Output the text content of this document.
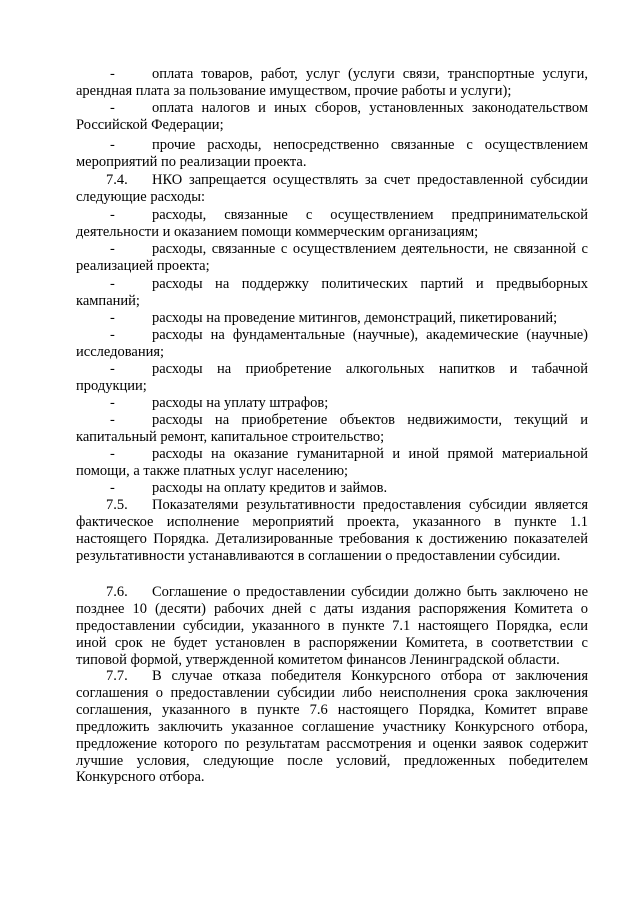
-	оплата товаров, работ, услуг (услуги связи, транспортные услуги, арендная плата за пользование имуществом, прочие работы и услуги);

-	оплата налогов и иных сборов, установленных законодательством Российской Федерации;

-	прочие расходы, непосредственно связанные с осуществлением мероприятий по реализации проекта.

7.4. НКО запрещается осуществлять за счет предоставленной субсидии следующие расходы:

-	расходы, связанные с осуществлением предпринимательской деятельности и оказанием помощи коммерческим организациям;

-	расходы, связанные с осуществлением деятельности, не связанной с реализацией проекта;

-	расходы на поддержку политических партий и предвыборных кампаний;

-	расходы на проведение митингов, демонстраций, пикетирований;

-	расходы на фундаментальные (научные), академические (научные) исследования;

-	расходы на приобретение алкогольных напитков и табачной продукции;

-	расходы на уплату штрафов;

-	расходы на приобретение объектов недвижимости, текущий и капитальный ремонт, капитальное строительство;

-	расходы на оказание гуманитарной и иной прямой материальной помощи, а также платных услуг населению;

-	расходы на оплату кредитов и займов.

7.5. Показателями результативности предоставления субсидии является фактическое исполнение мероприятий проекта, указанного в пункте 1.1 настоящего Порядка. Детализированные требования к достижению показателей результативности устанавливаются в соглашении о предоставлении субсидии.

7.6. Соглашение о предоставлении субсидии должно быть заключено не позднее 10 (десяти) рабочих дней с даты издания распоряжения Комитета о предоставлении субсидии, указанного в пункте 7.1 настоящего Порядка, если иной срок не будет установлен в распоряжении Комитета, в соответствии с типовой формой, утвержденной комитетом финансов Ленинградской области.

7.7. В случае отказа победителя Конкурсного отбора от заключения соглашения о предоставлении субсидии либо неисполнения срока заключения соглашения, указанного в пункте 7.6 настоящего Порядка, Комитет вправе предложить заключить указанное соглашение участнику Конкурсного отбора, предложение которого по результатам рассмотрения и оценки заявок содержит лучшие условия, следующие после условий, предложенных победителем Конкурсного отбора.
